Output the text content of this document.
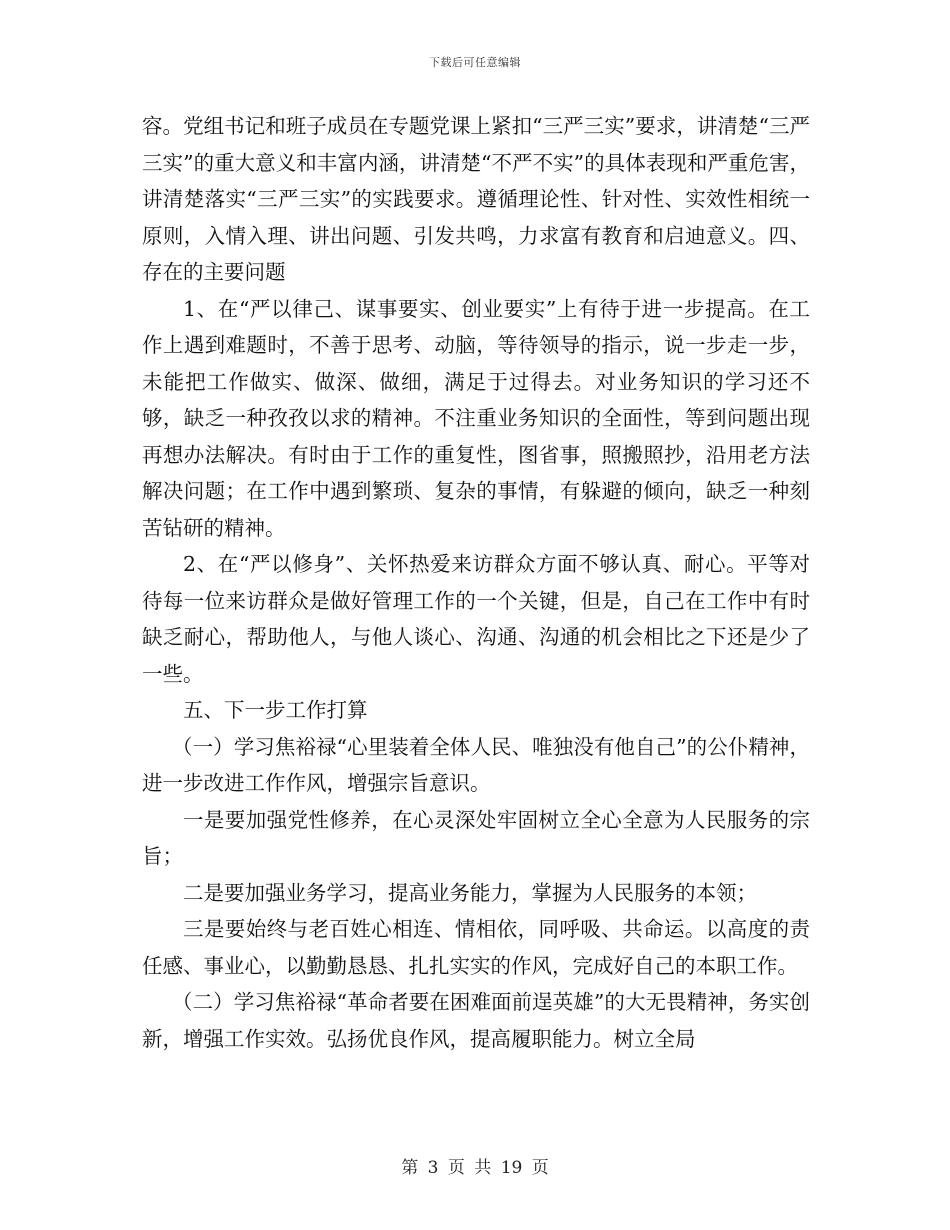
下载后可任意编辑

容。党组书记和班子成员在专题党课上紧扣“三严三实”要求，讲清楚“三严三实”的重大意义和丰富内涵，讲清楚“不严不实”的具体表现和严重危害，讲清楚落实“三严三实”的实践要求。遵循理论性、针对性、实效性相统一原则，入情入理、讲出问题、引发共鸣，力求富有教育和启迪意义。四、存在的主要问题

1、在“严以律己、谋事要实、创业要实”上有待于进一步提高。在工作上遇到难题时，不善于思考、动脑，等待领导的指示，说一步走一步，未能把工作做实、做深、做细，满足于过得去。对业务知识的学习还不够，缺乏一种孜孜以求的精神。不注重业务知识的全面性，等到问题出现再想办法解决。有时由于工作的重复性，图省事，照搬照抄，沿用老方法解决问题；在工作中遇到繁琐、复杂的事情，有躲避的倾向，缺乏一种刻苦钻研的精神。

2、在“严以修身”、关怀热爱来访群众方面不够认真、耐心。平等对待每一位来访群众是做好管理工作的一个关键，但是，自己在工作中有时缺乏耐心，帮助他人，与他人谈心、沟通、沟通的机会相比之下还是少了一些。

五、下一步工作打算

（一）学习焦裕禄“心里装着全体人民、唯独没有他自己”的公仆精神，进一步改进工作作风，增强宗旨意识。

一是要加强党性修养，在心灵深处牢固树立全心全意为人民服务的宗旨；

二是要加强业务学习，提高业务能力，掌握为人民服务的本领；

三是要始终与老百姓心相连、情相依，同呼吸、共命运。以高度的责任感、事业心，以勤勤恳恳、扎扎实实的作风，完成好自己的本职工作。

（二）学习焦裕禄“革命者要在困难面前逞英雄”的大无畏精神，务实创新，增强工作实效。弘扬优良作风，提高履职能力。树立全局

第 3 页 共 19 页
